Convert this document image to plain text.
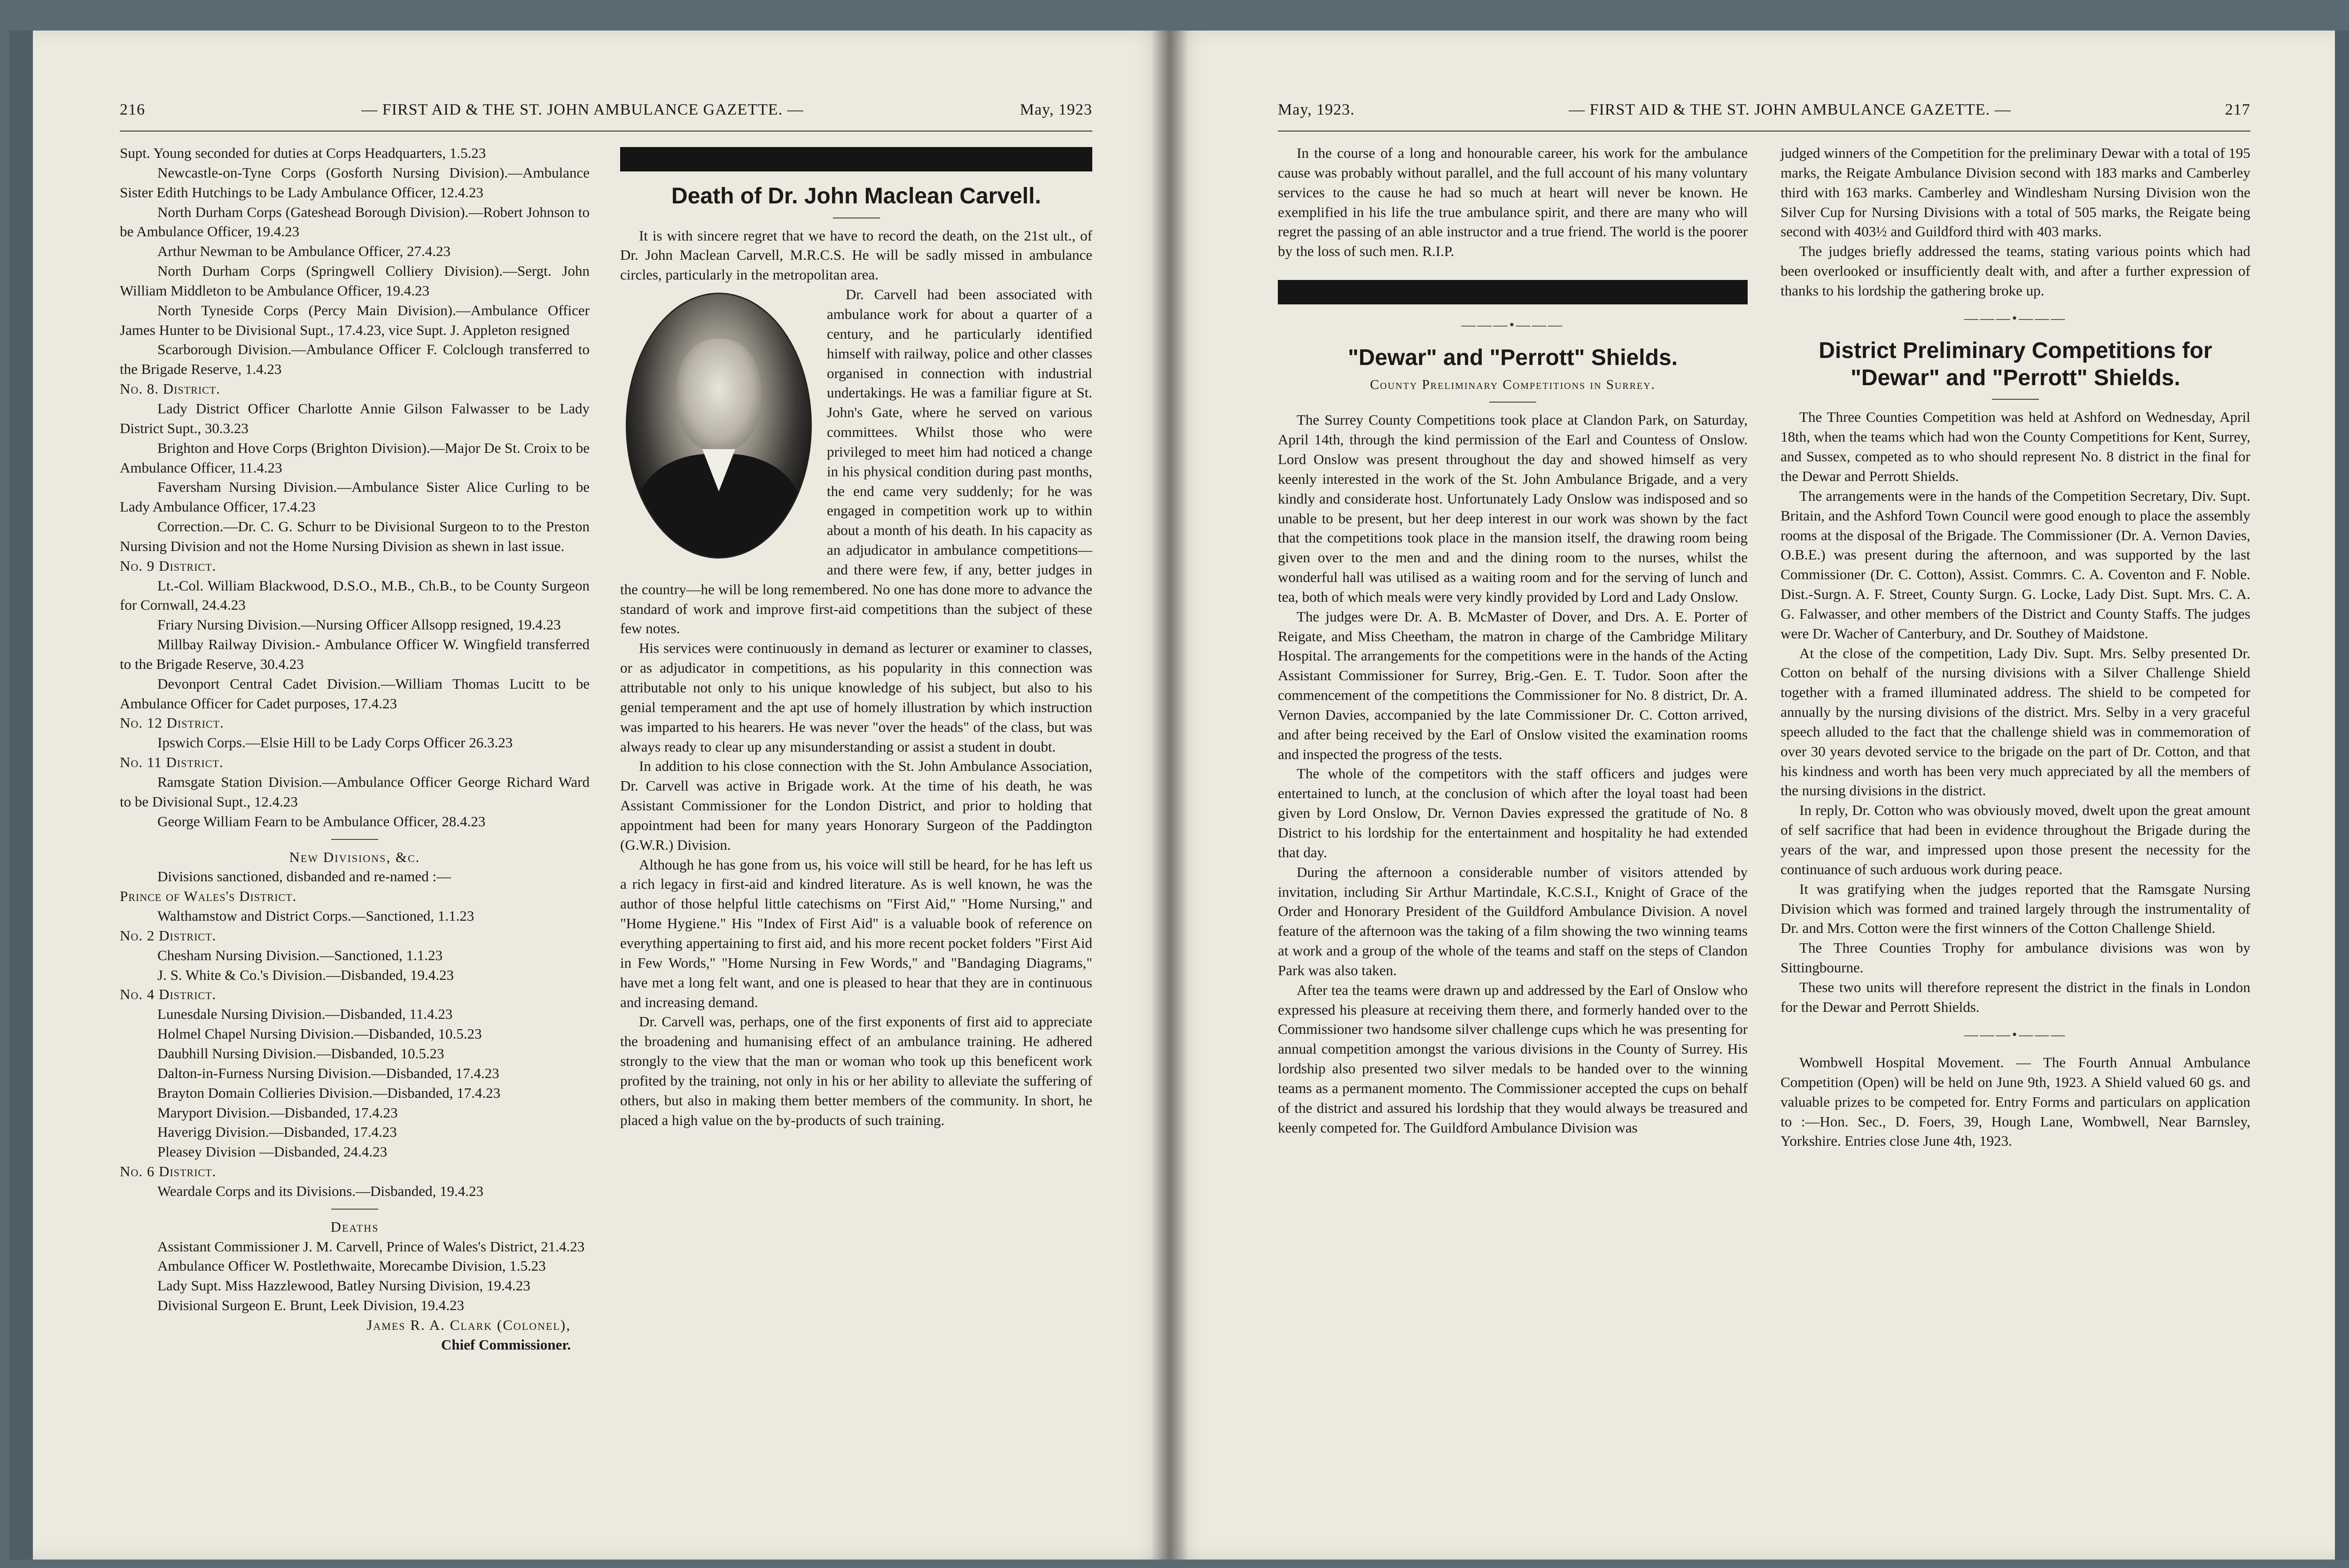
216	— FIRST AID & THE ST. JOHN AMBULANCE GAZETTE. —	May, 1923

Supt. Young seconded for duties at Corps Headquarters, 1.5.23

Newcastle-on-Tyne Corps (Gosforth Nursing Division).—Ambulance Sister Edith Hutchings to be Lady Ambulance Officer, 12.4.23

North Durham Corps (Gateshead Borough Division).—Robert Johnson to be Ambulance Officer, 19.4.23

Arthur Newman to be Ambulance Officer, 27.4.23

North Durham Corps (Springwell Colliery Division).—Sergt. John William Middleton to be Ambulance Officer, 19.4.23

North Tyneside Corps (Percy Main Division).—Ambulance Officer James Hunter to be Divisional Supt., 17.4.23, vice Supt. J. Appleton resigned

Scarborough Division.—Ambulance Officer F. Colclough transferred to the Brigade Reserve, 1.4.23

No. 8. District.

Lady District Officer Charlotte Annie Gilson Falwasser to be Lady District Supt., 30.3.23

Brighton and Hove Corps (Brighton Division).—Major De St. Croix to be Ambulance Officer, 11.4.23

Faversham Nursing Division.—Ambulance Sister Alice Curling to be Lady Ambulance Officer, 17.4.23

Correction.—Dr. C. G. Schurr to be Divisional Surgeon to to the Preston Nursing Division and not the Home Nursing Division as shewn in last issue.

No. 9 District.

Lt.-Col. William Blackwood, D.S.O., M.B., Ch.B., to be County Surgeon for Cornwall, 24.4.23

Friary Nursing Division.—Nursing Officer Allsopp resigned, 19.4.23

Millbay Railway Division.- Ambulance Officer W. Wingfield transferred to the Brigade Reserve, 30.4.23

Devonport Central Cadet Division.—William Thomas Lucitt to be Ambulance Officer for Cadet purposes, 17.4.23

No. 12 District.

Ipswich Corps.—Elsie Hill to be Lady Corps Officer 26.3.23

No. 11 District.

Ramsgate Station Division.—Ambulance Officer George Richard Ward to be Divisional Supt., 12.4.23

George William Fearn to be Ambulance Officer, 28.4.23

New Divisions, &c.

Divisions sanctioned, disbanded and re-named :—

Prince of Wales's District.

Walthamstow and District Corps.—Sanctioned, 1.1.23

No. 2 District.

Chesham Nursing Division.—Sanctioned, 1.1.23

J. S. White & Co.'s Division.—Disbanded, 19.4.23

No. 4 District.

Lunesdale Nursing Division.—Disbanded, 11.4.23

Holmel Chapel Nursing Division.—Disbanded, 10.5.23

Daubhill Nursing Division.—Disbanded, 10.5.23

Dalton-in-Furness Nursing Division.—Disbanded, 17.4.23

Brayton Domain Collieries Division.—Disbanded, 17.4.23

Maryport Division.—Disbanded, 17.4.23

Haverigg Division.—Disbanded, 17.4.23

Pleasey Division —Disbanded, 24.4.23

No. 6 District.

Weardale Corps and its Divisions.—Disbanded, 19.4.23

Deaths

Assistant Commissioner J. M. Carvell, Prince of Wales's District, 21.4.23

Ambulance Officer W. Postlethwaite, Morecambe Division, 1.5.23

Lady Supt. Miss Hazzlewood, Batley Nursing Division, 19.4.23

Divisional Surgeon E. Brunt, Leek Division, 19.4.23

James R. A. Clark (Colonel),

Chief Commissioner.

Death of Dr. John Maclean Carvell.

It is with sincere regret that we have to record the death, on the 21st ult., of Dr. John Maclean Carvell, M.R.C.S. He will be sadly missed in ambulance circles, particularly in the metropolitan area.

Dr. Carvell had been associated with ambulance work for about a quarter of a century, and he particularly identified himself with railway, police and other classes organised in connection with industrial undertakings. He was a familiar figure at St. John's Gate, where he served on various committees. Whilst those who were privileged to meet him had noticed a change in his physical condition during past months, the end came very suddenly; for he was engaged in competition work up to within about a month of his death. In his capacity as an adjudicator in ambulance competitions—and there were few, if any, better judges in the country—he will be long remembered. No one has done more to advance the standard of work and improve first-aid competitions than the subject of these few notes.

His services were continuously in demand as lecturer or examiner to classes, or as adjudicator in competitions, as his popularity in this connection was attributable not only to his unique knowledge of his subject, but also to his genial temperament and the apt use of homely illustration by which instruction was imparted to his hearers. He was never "over the heads" of the class, but was always ready to clear up any misunderstanding or assist a student in doubt.

In addition to his close connection with the St. John Ambulance Association, Dr. Carvell was active in Brigade work. At the time of his death, he was Assistant Commissioner for the London District, and prior to holding that appointment had been for many years Honorary Surgeon of the Paddington (G.W.R.) Division.

Although he has gone from us, his voice will still be heard, for he has left us a rich legacy in first-aid and kindred literature. As is well known, he was the author of those helpful little catechisms on "First Aid," "Home Nursing," and "Home Hygiene." His "Index of First Aid" is a valuable book of reference on everything appertaining to first aid, and his more recent pocket folders "First Aid in Few Words," "Home Nursing in Few Words," and "Bandaging Diagrams," have met a long felt want, and one is pleased to hear that they are in continuous and increasing demand.

Dr. Carvell was, perhaps, one of the first exponents of first aid to appreciate the broadening and humanising effect of an ambulance training. He adhered strongly to the view that the man or woman who took up this beneficent work profited by the training, not only in his or her ability to alleviate the suffering of others, but also in making them better members of the community. In short, he placed a high value on the by-products of such training.

May, 1923.	— FIRST AID & THE ST. JOHN AMBULANCE GAZETTE. —	217

In the course of a long and honourable career, his work for the ambulance cause was probably without parallel, and the full account of his many voluntary services to the cause he had so much at heart will never be known. He exemplified in his life the true ambulance spirit, and there are many who will regret the passing of an able instructor and a true friend. The world is the poorer by the loss of such men. R.I.P.

———•———
"Dewar" and "Perrott" Shields.

County Preliminary Competitions in Surrey.

The Surrey County Competitions took place at Clandon Park, on Saturday, April 14th, through the kind permission of the Earl and Countess of Onslow. Lord Onslow was present throughout the day and showed himself as very keenly interested in the work of the St. John Ambulance Brigade, and a very kindly and considerate host. Unfortunately Lady Onslow was indisposed and so unable to be present, but her deep interest in our work was shown by the fact that the competitions took place in the mansion itself, the drawing room being given over to the men and and the dining room to the nurses, whilst the wonderful hall was utilised as a waiting room and for the serving of lunch and tea, both of which meals were very kindly provided by Lord and Lady Onslow.

The judges were Dr. A. B. McMaster of Dover, and Drs. A. E. Porter of Reigate, and Miss Cheetham, the matron in charge of the Cambridge Military Hospital. The arrangements for the competitions were in the hands of the Acting Assistant Commissioner for Surrey, Brig.-Gen. E. T. Tudor. Soon after the commencement of the competitions the Commissioner for No. 8 district, Dr. A. Vernon Davies, accompanied by the late Commissioner Dr. C. Cotton arrived, and after being received by the Earl of Onslow visited the examination rooms and inspected the progress of the tests.

The whole of the competitors with the staff officers and judges were entertained to lunch, at the conclusion of which after the loyal toast had been given by Lord Onslow, Dr. Vernon Davies expressed the gratitude of No. 8 District to his lordship for the entertainment and hospitality he had extended that day.

During the afternoon a considerable number of visitors attended by invitation, including Sir Arthur Martindale, K.C.S.I., Knight of Grace of the Order and Honorary President of the Guildford Ambulance Division. A novel feature of the afternoon was the taking of a film showing the two winning teams at work and a group of the whole of the teams and staff on the steps of Clandon Park was also taken.

After tea the teams were drawn up and addressed by the Earl of Onslow who expressed his pleasure at receiving them there, and formerly handed over to the Commissioner two handsome silver challenge cups which he was presenting for annual competition amongst the various divisions in the County of Surrey. His lordship also presented two silver medals to be handed over to the winning teams as a permanent momento. The Commissioner accepted the cups on behalf of the district and assured his lordship that they would always be treasured and keenly competed for. The Guildford Ambulance Division was

judged winners of the Competition for the preliminary Dewar with a total of 195 marks, the Reigate Ambulance Division second with 183 marks and Camberley third with 163 marks. Camberley and Windlesham Nursing Division won the Silver Cup for Nursing Divisions with a total of 505 marks, the Reigate being second with 403½ and Guildford third with 403 marks.

The judges briefly addressed the teams, stating various points which had been overlooked or insufficiently dealt with, and after a further expression of thanks to his lordship the gathering broke up.

———•———
District Preliminary Competitions for "Dewar" and "Perrott" Shields.

The Three Counties Competition was held at Ashford on Wednesday, April 18th, when the teams which had won the County Competitions for Kent, Surrey, and Sussex, competed as to who should represent No. 8 district in the final for the Dewar and Perrott Shields.

The arrangements were in the hands of the Competition Secretary, Div. Supt. Britain, and the Ashford Town Council were good enough to place the assembly rooms at the disposal of the Brigade. The Commissioner (Dr. A. Vernon Davies, O.B.E.) was present during the afternoon, and was supported by the last Commissioner (Dr. C. Cotton), Assist. Commrs. C. A. Coventon and F. Noble. Dist.-Surgn. A. F. Street, County Surgn. G. Locke, Lady Dist. Supt. Mrs. C. A. G. Falwasser, and other members of the District and County Staffs. The judges were Dr. Wacher of Canterbury, and Dr. Southey of Maidstone.

At the close of the competition, Lady Div. Supt. Mrs. Selby presented Dr. Cotton on behalf of the nursing divisions with a Silver Challenge Shield together with a framed illuminated address. The shield to be competed for annually by the nursing divisions of the district. Mrs. Selby in a very graceful speech alluded to the fact that the challenge shield was in commemoration of over 30 years devoted service to the brigade on the part of Dr. Cotton, and that his kindness and worth has been very much appreciated by all the members of the nursing divisions in the district.

In reply, Dr. Cotton who was obviously moved, dwelt upon the great amount of self sacrifice that had been in evidence throughout the Brigade during the years of the war, and impressed upon those present the necessity for the continuance of such arduous work during peace.

It was gratifying when the judges reported that the Ramsgate Nursing Division which was formed and trained largely through the instrumentality of Dr. and Mrs. Cotton were the first winners of the Cotton Challenge Shield.

The Three Counties Trophy for ambulance divisions was won by Sittingbourne.

These two units will therefore represent the district in the finals in London for the Dewar and Perrott Shields.

———•———

Wombwell Hospital Movement. — The Fourth Annual Ambulance Competition (Open) will be held on June 9th, 1923. A Shield valued 60 gs. and valuable prizes to be competed for. Entry Forms and particulars on application to :—Hon. Sec., D. Foers, 39, Hough Lane, Wombwell, Near Barnsley, Yorkshire. Entries close June 4th, 1923.
